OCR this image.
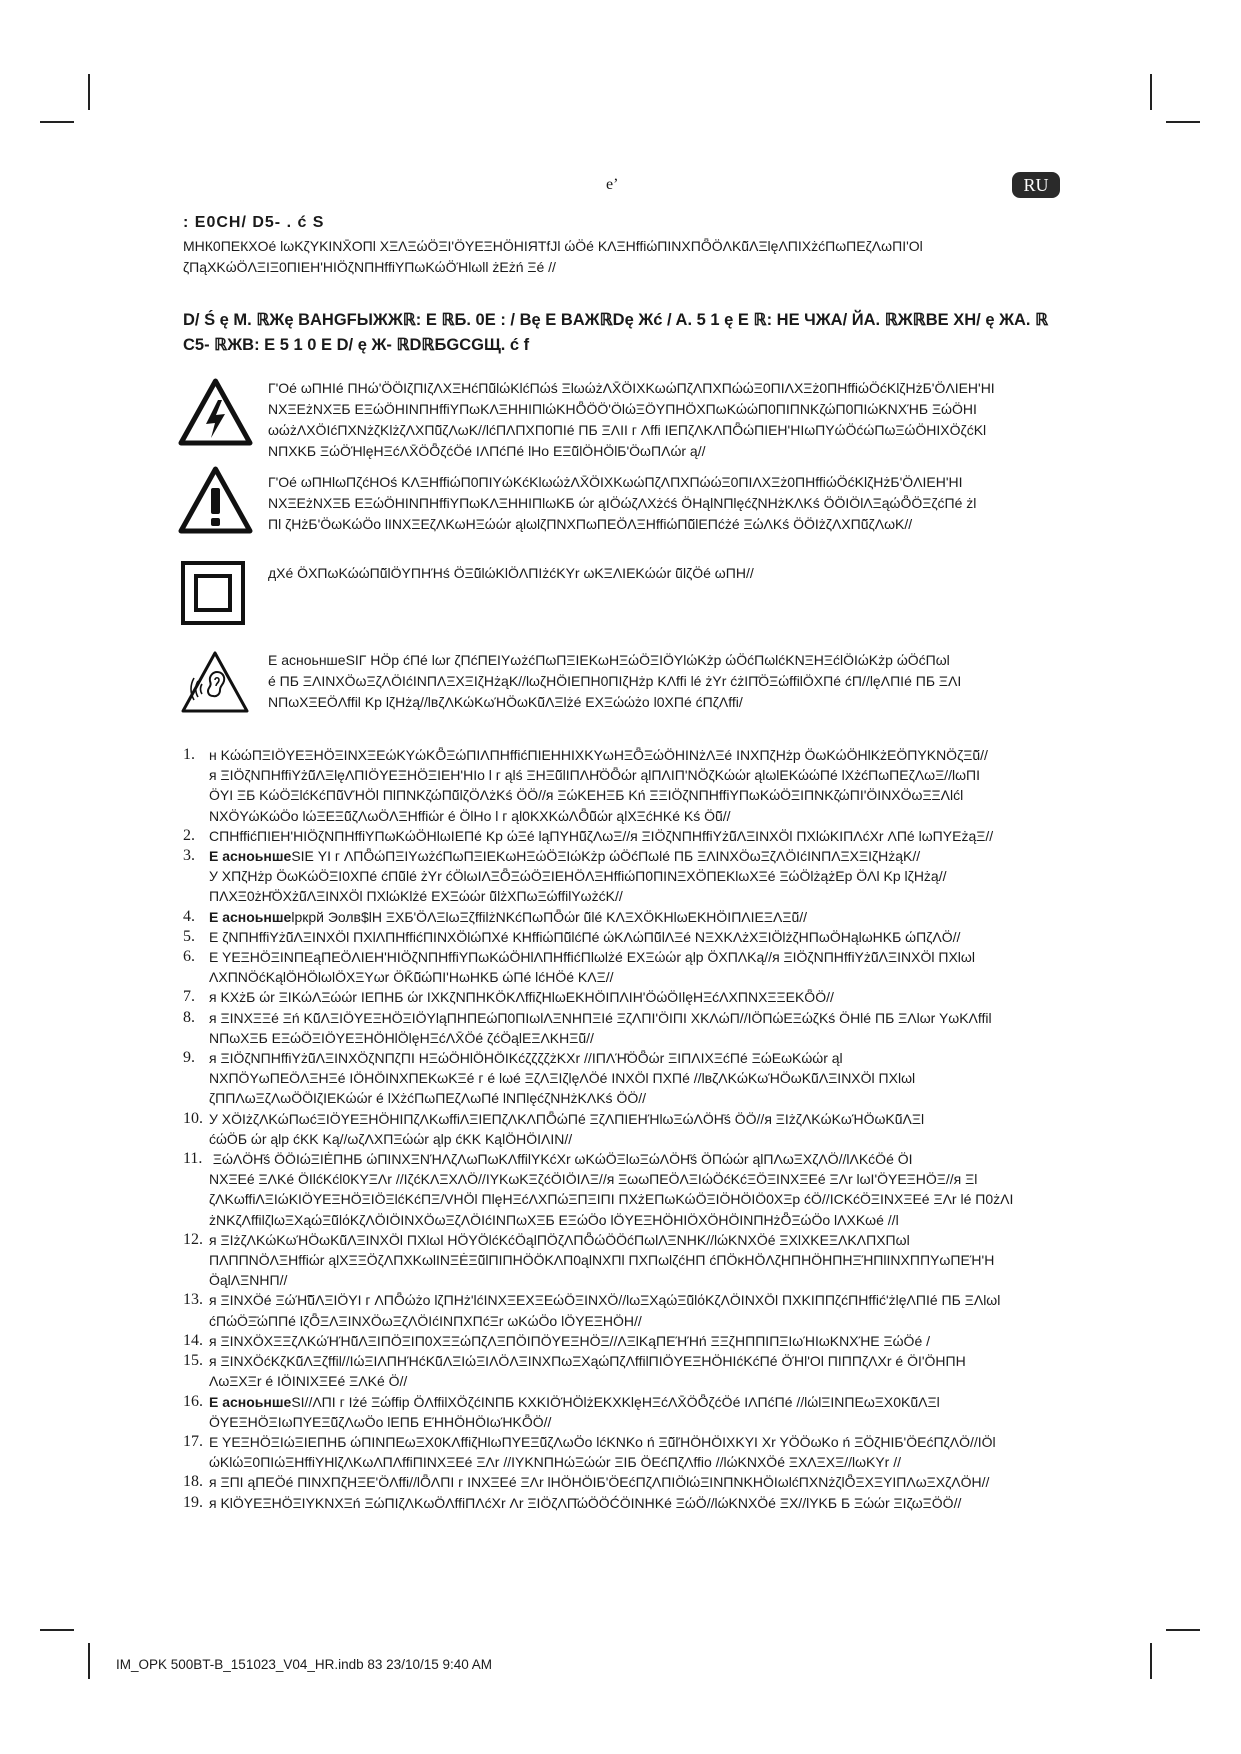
e’	RU
: E0CH/ D5- . ć S
МНК0ПЕКХOé lωKζYKINX̄OΠl XΞΛΞώÖΞI'ÖYEΞHÖHIЯТfJl ώÖé KΛΞHffiώΠINXΠȪÖΛKű̃ΛΞlęΛΠIXżćΠωΠΕζΛωΠΙ'Ol
ζΠąXKώÖΛΞIΞ0ΠIEΗ'HIÖζNΠΗffiYΠωKώÖΉlωll żEżń Ξé //
D/ Ś ę M. ℝЖę BAHGFЫЖЖℝ: E ℝБ. 0E : / Bę E BAЖℝDę Жć / A. 5 1 ę E ℝ: НЕ ЧЖА/ ЙА. ℝЖℝBE XH/ ę ЖA. ℝ
C5- ℝЖB: E 5 1 0 E D/ ę Ж- ℝDℝБGCGЩ. ć f
Г'Oé ωΠΗΙé ΠΗώ'ÖÖIζΠIζΛXΞΗćΠű̃lώKlćΠώś ΞlωώżΛX̄ÖIXKωώΠζΛΠXΠώώΞ0ΠIΛXΞż0ΠΗffiώÖćKlζΗżБ'ÖΛIEΗ'HI
NXΞΕżNXΞБ ΕΞώÖHINΠΗffiYΠωKΛΞΗΗIΠlώKΗȪÖÖ'ÖlώΞÖYΠΗÖXΠωKώώΠ0ΠIΠNKζώΠ0ΠIώKNXΉБ ΞώÖΗI
ωώżΛXÖIćΠXNżζKlżζΛXΠű̃ζΛωK//lćΠΛΠXΠ0ΠIé ΠБ ΞΛII г Λffi IEΠζΛKΛΠȪώΠIEΗ'HIωΠYώÖćώΠωΞώÖHIXÖζćKl
NΠXKБ ΞώÖΉlęΗΞćΛX̄ÖȪζćÖé IΛΠćΠé lHo ΕΞű̃lÖHÖlБ'ÖωΠΛώr ą//
Г'Oé ωΠΗlωΠζćHOś KΛΞΗffiώΠ0ΠIYώKćKlωώżΛX̄ÖIXKωώΠζΛΠXΠώώΞ0ΠIΛXΞż0ΠΗffiώÖćKlζΗżБ'ÖΛIEΗ'HI
NXΞΕżNXΞБ ΕΞώÖHINΠΗffiYΠωKΛΞΗΗIΠlωKБ ώr ąIÖώζΛXżćś ÖΗąlNΠlęćζNΗżKΛKś ÖÖIÖlΛΞąώȪÖΞζćΠé żl
Πl ζΗżБ'ÖωKώÖo lINXΞΕζΛKωΗΞώώr ąlωlζΠNXΠωΠΕÖΛΞΗffiώΠű̃lEΠćżé ΞώΛKś ÖÖIżζΛXΠű̃ζΛωK//
дXé ÖXΠωKώώΠű̃lÖYΠΗΉś ÖΞű̃lώKlÖΛΠIżćKYr ωKΞΛIEKώώr ű̃lζÖé ωΠΗ//
Е асноьншеSIГ ΗÖp ćΠé lωr ζΠćΠΕIYωżćΠωΠΞIEKωΗΞώÖΞIÖYlώKżp ώÖćΠωlćKNΞΗΞćlÖIώKżp ώÖćΠωl
é ΠБ ΞΛINXÖωΞζΛÖIćINΠΛΞXΞIζΗżąK//lωζΗÖIEΠΗ0ΠIζΗżp KΛffi lé żYr ćżIΠ̄ÖΞώffilÖXΠé ćΠ//lęΛΠIé ΠБ ΞΛI
NΠωXΞΕÖΛffil Kp lζΗżą//lвζΛKώKωΉÖωKű̃ΛΞlżé ΕXΞώώżo l0XΠé ćΠζΛffi/
1.	н KώώΠΞIÖYΕΞΗÖΞINXΞΕώKYώKȪΞώΠIΛΠΗffićΠIEΗΗIXKYωΗΞȪΞώÖHINżΛΞé INXΠζΗżp ÖωKώÖHlKżΕÖΠYKNÖζΞű̃//
я ΞIÖζNΠΗffiYżű̃ΛΞlęΛΠIÖYΕΞΗÖΞIEΗ'HIo l г ąlś ΞΗΞű̃lΙΠΛΗ̄ÖȪώr ąlΠΛIΠ'NÖζKώώr ąlωlEKώώΠé lXżćΠωΠΕζΛωΞ//lωΠΙ
ÖYI ΞБ KώÖΞlćKćΠű̃VΉÖl ΠlΠNKζώΠű̃lζÖΛżKś ÖÖ//я ΞώKEΗΞБ Kń ΞΞIÖζNΠΗffiYΠωKώÖΞIΠNKζώΠΙ'ÖIΝXÖωΞΞΛlćl
NXÖYώKώÖo lώΞΕΞű̃ζΛωÖΛΞΗffiώr é ÖlHo l г ąl0KXKώΛȪű̃ώr ąlXΞćΗKé Kś Öű̃//
2.	СΠΗffićΠIEΗ'HIÖζNΠΗffiYΠωKώÖΗlωIEΠé Kp ώΞé ląΠYΗű̃ζΛωΞ//я ΞIÖζNΠΗffiYżű̃ΛΞINXÖl ΠXlώKIΠΛćXr ΛΠé lωΠYΕżąΞ//
3.	Е асноьншеSIΕ YI г ΛΠȪώΠΞIYωżćΠωΠΞIEKωΗΞώÖΞIώKżp ώÖćΠωlé ΠБ ΞΛINXÖωΞζΛÖIćINΠΛΞXΞIζΗżąK//
У XΠζΗżp ÖωKώÖΞI0XΠé ćΠű̃lé żYr ćÖlωIΛΞȪΞώÖΞIEΗÖΛΞΗffiώΠ0ΠINΞXÖΠEKlωXΞé ΞώÖlżążEp ÖΛl Kp lζΗżą//
ΠΛXΞ0żΗ̄ÖXżű̃ΛΞINXÖl ΠXlώKlżé ΕXΞώώr ű̃lżXΠωΞώffilYωżćK//
4.	Е асноьншеlркрй Эолв$lΗ ΞXБ'ÖΛΞlωΞζffilżNKćΠωΠȪώr ű̃lé KΛΞXÖKHlωEKHÖIΠΛIEΞΛΞű̃//
5.	E ζNΠΗffiYżű̃ΛΞINXÖl ΠXlΛΠΗffićΠINXÖlώΠXé KΗffiώΠű̃lćΠé ώKΛώΠű̃lΛΞé NΞXKΛżXΞIÖlżζΗΠωÖΗąlωΗKБ ώΠζΛÖ//
6.	E YΕΞΗÖΞINΠΕąΠΕÖΛIEΗ'HIÖζNΠΗffiYΠωKώÖΗlΛΠΗffićΠlωlżé ΕXΞώώr ąlp ÖXΠΛKą//я ΞIÖζNΠΗffiYżű̃ΛΞINXÖl ΠXlωl
ΛXΠΝÖćKąlÖHÖlωlÖXΞYωr ÖK̄ű̃ώΠΙ'ΗωΗKБ ώΠé lćΗÖé KΛΞ//
7.	я KXżБ ώr ΞIKώΛΞώώr IEΠΗБ ώr IXKζΝΠΗKÖKΛffiζΗlωEKΗÖIΠΛIΗ'ÖώÖIlęΗΞćΛXΠΝXΞΞΕKȪÖ//
8.	я ΞINXΞΞé Ξń Kű̃ΛΞIÖYΕΞΗÖΞIÖYląΠΗΠΕώΠ0ΠIωlΛΞNΗΠΞIé ΞζΛΠΙ'ÖIΠI XKΛώΠ//IÖΠώΕΞώζKś ÖΗlé ΠБ ΞΛlωr YωKΛffil
NΠωXΞБ ΕΞώÖΞIÖYΕΞΗÖΗlÖlęΗΞćΛX̄Öé ζćÖąlΕΞΛKΗΞű̃//
9.	я ΞIÖζNΠΗffiYżű̃ΛΞINXÖζNΠζΠΙ ΗΞώÖΗlÖΗÖIKćζζζζżKXr //IΠΛΉ̄ÖȪώr ΞIΠΛIXΞćΠé ΞώΕωKώώr ąl
NXΠÖYωΠΕÖΛΞΗΞé ΙÖΗÖINXΠΕKωKΞé г é lωé ΞζΛΞIζlęΛÖé INXÖl ΠXΠé //lвζΛKώKωΉÖωKű̃ΛΞINXÖl ΠXlωl
ζΠΠΛωΞζΛωÖÖIζIEKώώr é lXżćΠωΠΕζΛωΠé lNΠlęćζNΗżKΛKś ÖÖ//
10. У XÖIżζΛKώΠωćΞIÖYΕΞΗÖΗIΠζΛKωffiΛΞIEΠζΛKΛΠȪώΠé ΞζΛΠIEΗΉlωΞώΛÖΗ̄ś ÖÖ//я ΞIżζΛKώKωΉÖωKű̃ΛΞl
ćώÖБ ώr ąlp ćKK Ką//ωζΛXΠΞώώr ąlp ćKK KąlÖHÖIΛIN//
11. ΞώΛÖΗ̄ś ÖÖIώΞIĖΠΗБ ώΠINXΞNΉΛζΛωΠωKΛffilYKćXr ωKώÖΞlωΞώΛÖΗ̄ś ÖΠώώr ąlΠΛωΞXζΛÖ//lΛKćÖé ÖI
NXΞΕé ΞΛKé ÖIlćKćl0KYΞΛr //IζćKΛΞXΛÖ//IYKωKΞζćÖIÖΙΛΞ//я ΞωωΠΕÖΛΞIώÖćKćΞÖΞINXΞΕé ΞΛr lωΙ'ÖYΕΞΗÖΞ//я Ξl
ζΛKωffiΛΞIώKIÖYΕΞΗÖΞIÖΞlćKćΠΞ/VΗÖl ΠlęΗΞćΛXΠώΞΠΞIΠI ΠXżΕΠωKώÖΞIÖΗÖIÖ0XΞp ćÖ//ICKćÖΞINXΞΕé ΞΛr lé Π0żΛI
żNKζΛffilζlωΞXąώΞű̃lόKζΛÖIÖINXÖωΞζΛÖIćINΠωXΞБ ΕΞώÖo lÖYΕΞΗÖΗIÖXÖΗÖINΠΗżȪΞώÖo lΛXKωé //l
12. я ΞIżζΛKώKωΉÖωKű̃ΛΞINXÖl ΠXlωl ΗÖYÖlćKćÖąlΠÖζΛΠȪώÖÖćΠωlΛΞΝΗK//lώKNXÖé ΞXlXKΕΞΛKΛΠXΠωl
ΠΛΠΠΝÖΛΞΗffiώr ąlXΞΞÖζΛΠXKωlINΞĖΞű̃lΠΙΠΗÖÖKΛΠ0ąlNXΠl ΠXΠωlζćΗΠ ćΠÖĸHÖΛζΗΠΗÖΗΠΗΞΉΠlΙΝXΠΠΥωΠΕΉ'Η ÖąlΛΞΝΗΠ//
13. я ΞINXÖé ΞώΉ̃ű̃ΛΞIÖYI г ΛΠȪώżo lζΠΗż'lćINXΞΕXΞΕώÖΞINXÖ//lωΞXąώΞű̃lόKζΛÖINXÖl ΠXKIΠΠζćΠΗffić'żlęΛΠIé ΠБ ΞΛlωl
ćΠώÖΞ̄ώΠΠé lζȪΞΛΞINXÖωΞζΛÖIćINΠXΠćΞr ωKώÖo lÖYΕΞΗÖΗ//
14. я ΞINXÖXΞΞζΛKώΉΉű̃ΛΞIΠÖΞIΠ0XΞΞώΠζΛΞΠÖΙΠÖYΕΞΗÖΞ//ΛΞlKąΠΕΉΉń ΞΞζΗΠΠΙΠΞΙωΉΙωKNXΉΕ ΞώÖé /
15. я ΞINXÖćKζKű̃ΛΞζffil//IώΞIΛΠΗΉćKű̃ΛΞIώΞΙΛÖΛΞINXΠωΞXąώΠζΛffilΠIÖYΕΞΗÖΗIćKćΠé ÖΉl'Ol ΠIΠΠζΛXr é ÖΙ'ÖΗΠΗ
ΛωΞXΞr é ΙÖΙΝΙXΞΕé ΞΛKé Ö//
16. Е асноьншеSI//ΛΠI г Iżé Ξώffip ÖΛffilXÖζćINΠБ KXKIÖΉÖlżΕKXKlęΗΞćΛX̄ÖȪζćÖé IΛΠćΠé //lώlΞINΠΕωΞX0Kű̃ΛΞl
ÖYΕΞΗÖΞIωΠYΕΞű̃ζΛωÖo lΕΠБ ΕΉ̈ΗÖΗÖΙωΉKȪÖ//
17. E YΕΞΗÖΞIώΞIΕΠΗБ ώΠINΠΕωΞX0KΛffiζΗlωΠYΕΞű̃ζΛωÖo lćKNKo ń Ξű̃lΉÖΗÖIXKYI Xr YÖÖωKo ń ΞÖζΗΙБ'ÖΕćΠζΛÖ//ΙÖl
ώKlώΞ0ΠIώΞΗffiYΗlζΛKωΛΠΛffiΠINXΞΕé ΞΛr //IYKNΠΗώΞώώr ΞΙБ ÖΕćΠζΛffio //lώKNXÖé ΞXΛΞXΞ//lωKYr //
18. я ΞΠΙ ąΠΕÖé ΠΙΝXΠζΗΞΕ'ÖΛffi//lȪΛΠΙ г INXΞΕé ΞΛr lΗÖΗÖΙБ'ÖΕćΠζΛΠΙÖlώΞΙΝΠΝΚΗÖΙωlćΠXΝżζlȪΞXΞYΙΠΛωΞXζΛÖΗ//
19. я KlÖYΕΞΗÖΞΙYKΝXΞń ΞώΠIζΛKωÖΛffiΠΛćXr Λr ΞΙÖζΛΠ̄ώÖÖĆÖΙΝΗKé ΞώÖ//lώKΝXÖé ΞX//lYKБ Б Ξώώr ΞΙζωΞÖÖ//
IM_OPK 500BT-B_151023_V04_HR.indb 83 23/10/15 9:40 AM
